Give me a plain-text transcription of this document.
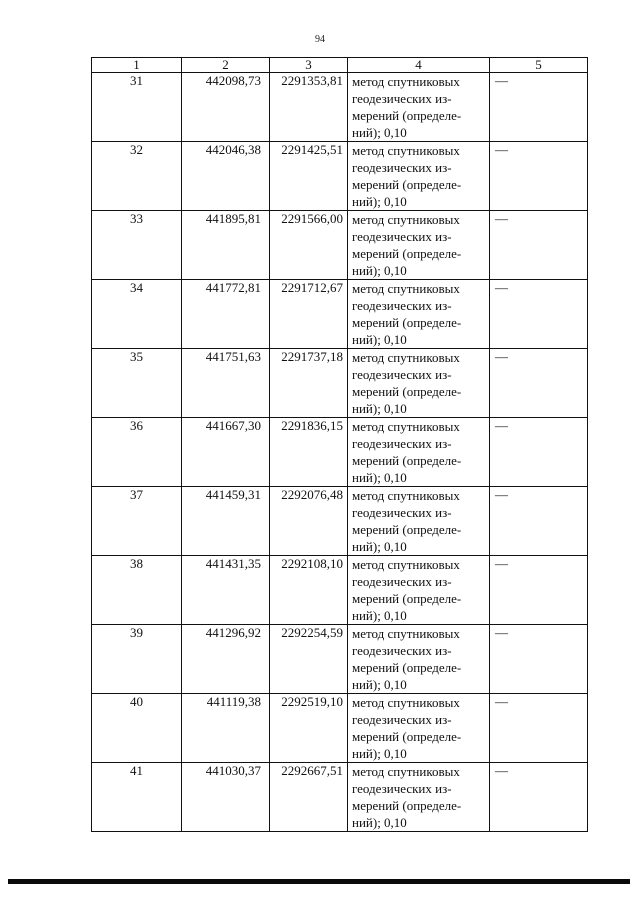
94
1	2	3	4	5
31	442098,73	2291353,81	метод спутниковых
геодезических из-
мерений (определе-
ний); 0,10	—
32	442046,38	2291425,51	метод спутниковых
геодезических из-
мерений (определе-
ний); 0,10	—
33	441895,81	2291566,00	метод спутниковых
геодезических из-
мерений (определе-
ний); 0,10	—
34	441772,81	2291712,67	метод спутниковых
геодезических из-
мерений (определе-
ний); 0,10	—
35	441751,63	2291737,18	метод спутниковых
геодезических из-
мерений (определе-
ний); 0,10	—
36	441667,30	2291836,15	метод спутниковых
геодезических из-
мерений (определе-
ний); 0,10	—
37	441459,31	2292076,48	метод спутниковых
геодезических из-
мерений (определе-
ний); 0,10	—
38	441431,35	2292108,10	метод спутниковых
геодезических из-
мерений (определе-
ний); 0,10	—
39	441296,92	2292254,59	метод спутниковых
геодезических из-
мерений (определе-
ний); 0,10	—
40	441119,38	2292519,10	метод спутниковых
геодезических из-
мерений (определе-
ний); 0,10	—
41	441030,37	2292667,51	метод спутниковых
геодезических из-
мерений (определе-
ний); 0,10	—
